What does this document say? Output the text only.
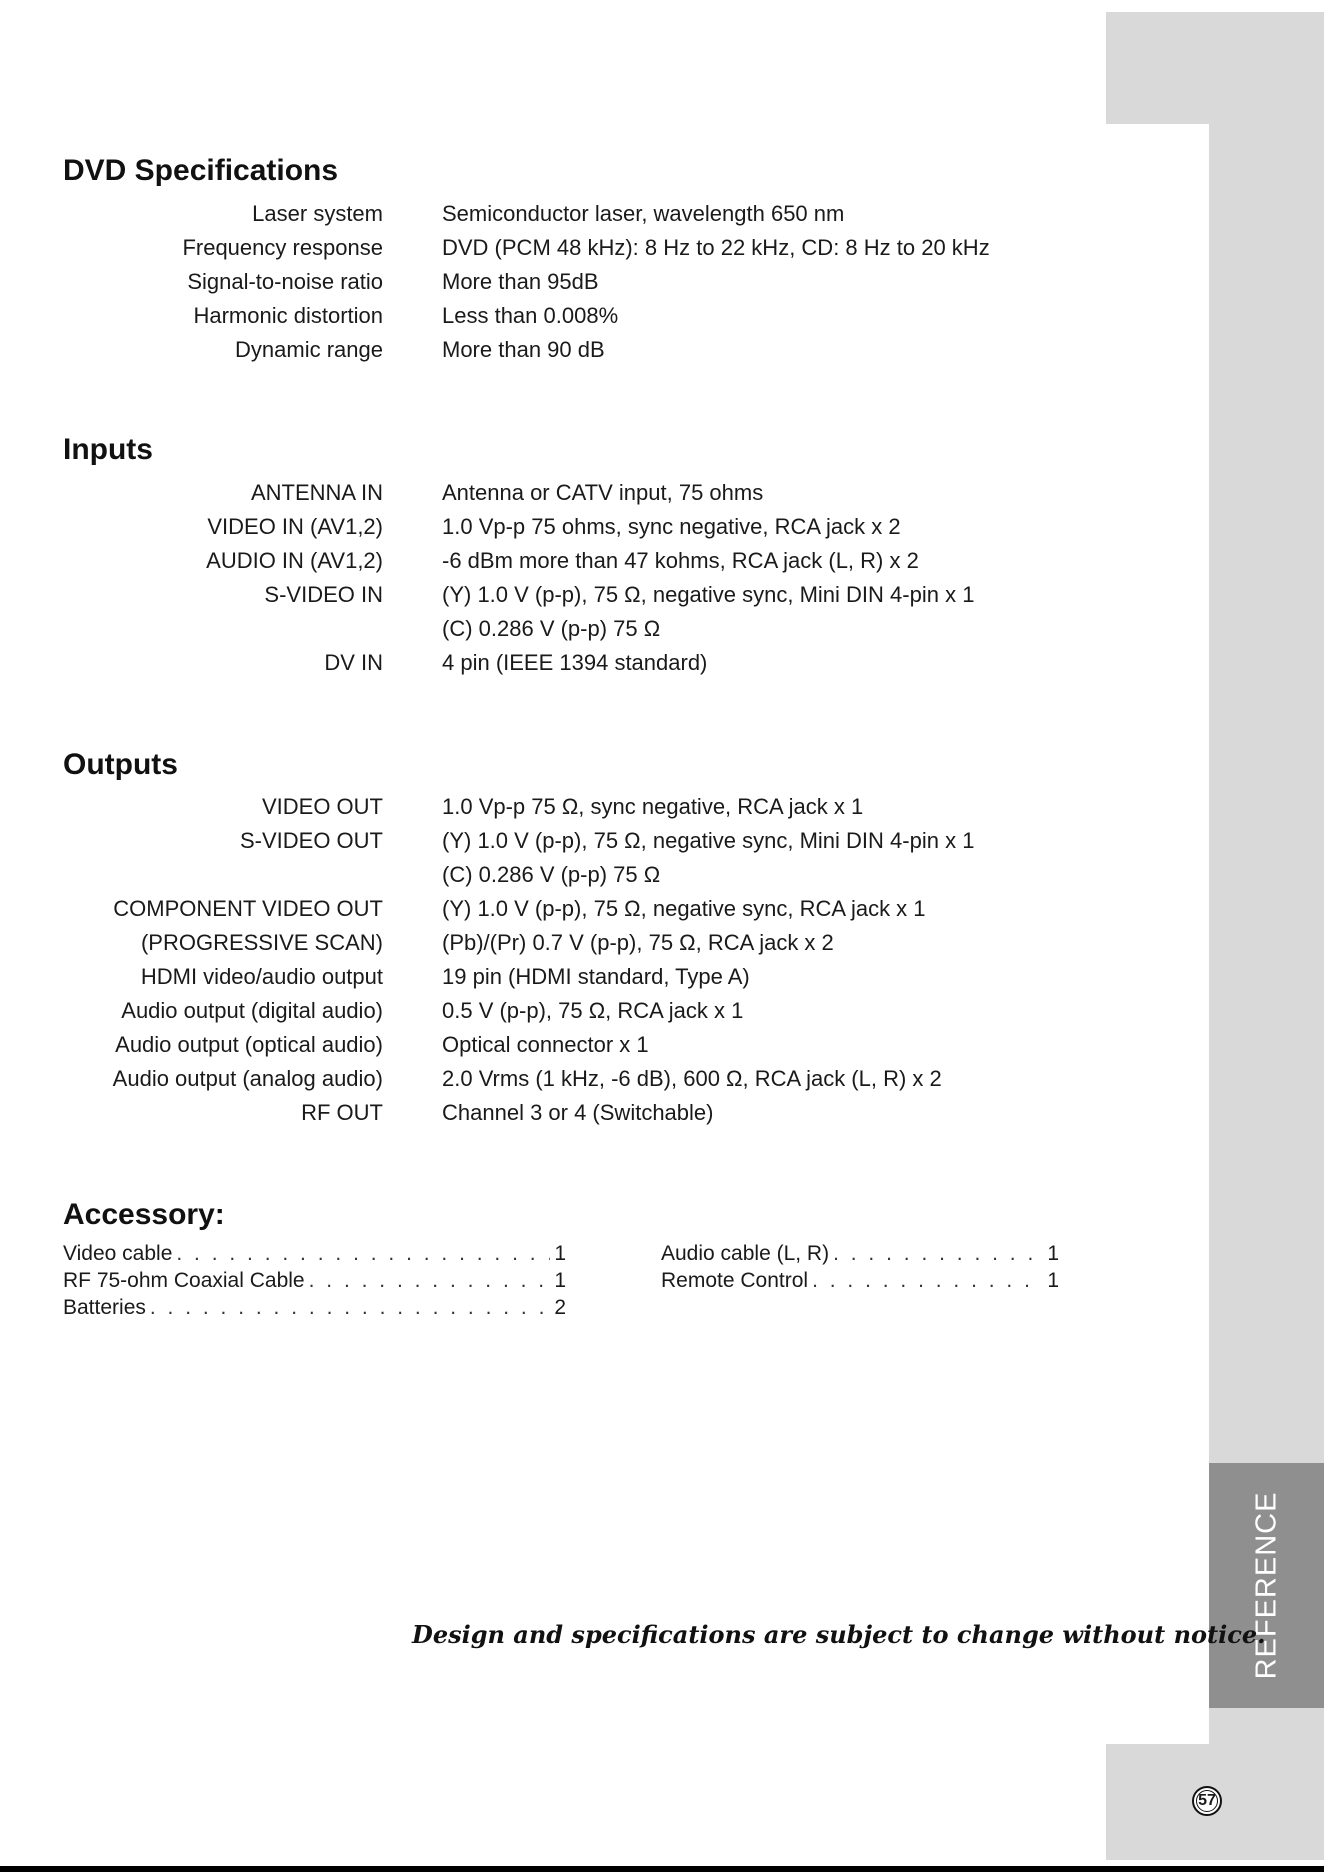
REFERENCE
57
DVD Specifications
Laser system	Semiconductor laser, wavelength 650 nm
Frequency response	DVD (PCM 48 kHz): 8 Hz to 22 kHz, CD: 8 Hz to 20 kHz
Signal-to-noise ratio	More than 95dB
Harmonic distortion	Less than 0.008%
Dynamic range	More than 90 dB
Inputs
ANTENNA IN	Antenna or CATV input, 75 ohms
VIDEO IN (AV1,2)	1.0 Vp-p 75 ohms, sync negative, RCA jack x 2
AUDIO IN (AV1,2)	-6 dBm more than 47 kohms, RCA jack (L, R) x 2
S-VIDEO IN	(Y) 1.0 V (p-p), 75 Ω, negative sync, Mini DIN 4-pin x 1
(C) 0.286 V (p-p) 75 Ω
DV IN	4 pin (IEEE 1394 standard)
Outputs
VIDEO OUT	1.0 Vp-p 75 Ω, sync negative, RCA jack x 1
S-VIDEO OUT	(Y) 1.0 V (p-p), 75 Ω, negative sync, Mini DIN 4-pin x 1
(C) 0.286 V (p-p) 75 Ω
COMPONENT VIDEO OUT	(Y) 1.0 V (p-p), 75 Ω, negative sync, RCA jack x 1
(PROGRESSIVE SCAN)	(Pb)/(Pr) 0.7 V (p-p), 75 Ω, RCA jack x 2
HDMI video/audio output	19 pin (HDMI standard, Type A)
Audio output (digital audio)	0.5 V (p-p), 75 Ω, RCA jack x 1
Audio output (optical audio)	Optical connector x 1
Audio output (analog audio)	2.0 Vrms (1 kHz, -6 dB), 600 Ω, RCA jack (L, R) x 2
RF OUT	Channel 3 or 4 (Switchable)
Accessory:
Video cable . . .	1
RF 75-ohm Coaxial Cable . . .	1
Batteries . . .	2
Audio cable (L, R) . . .	1
Remote Control . . .	1

Design and specifications are subject to change without notice.
